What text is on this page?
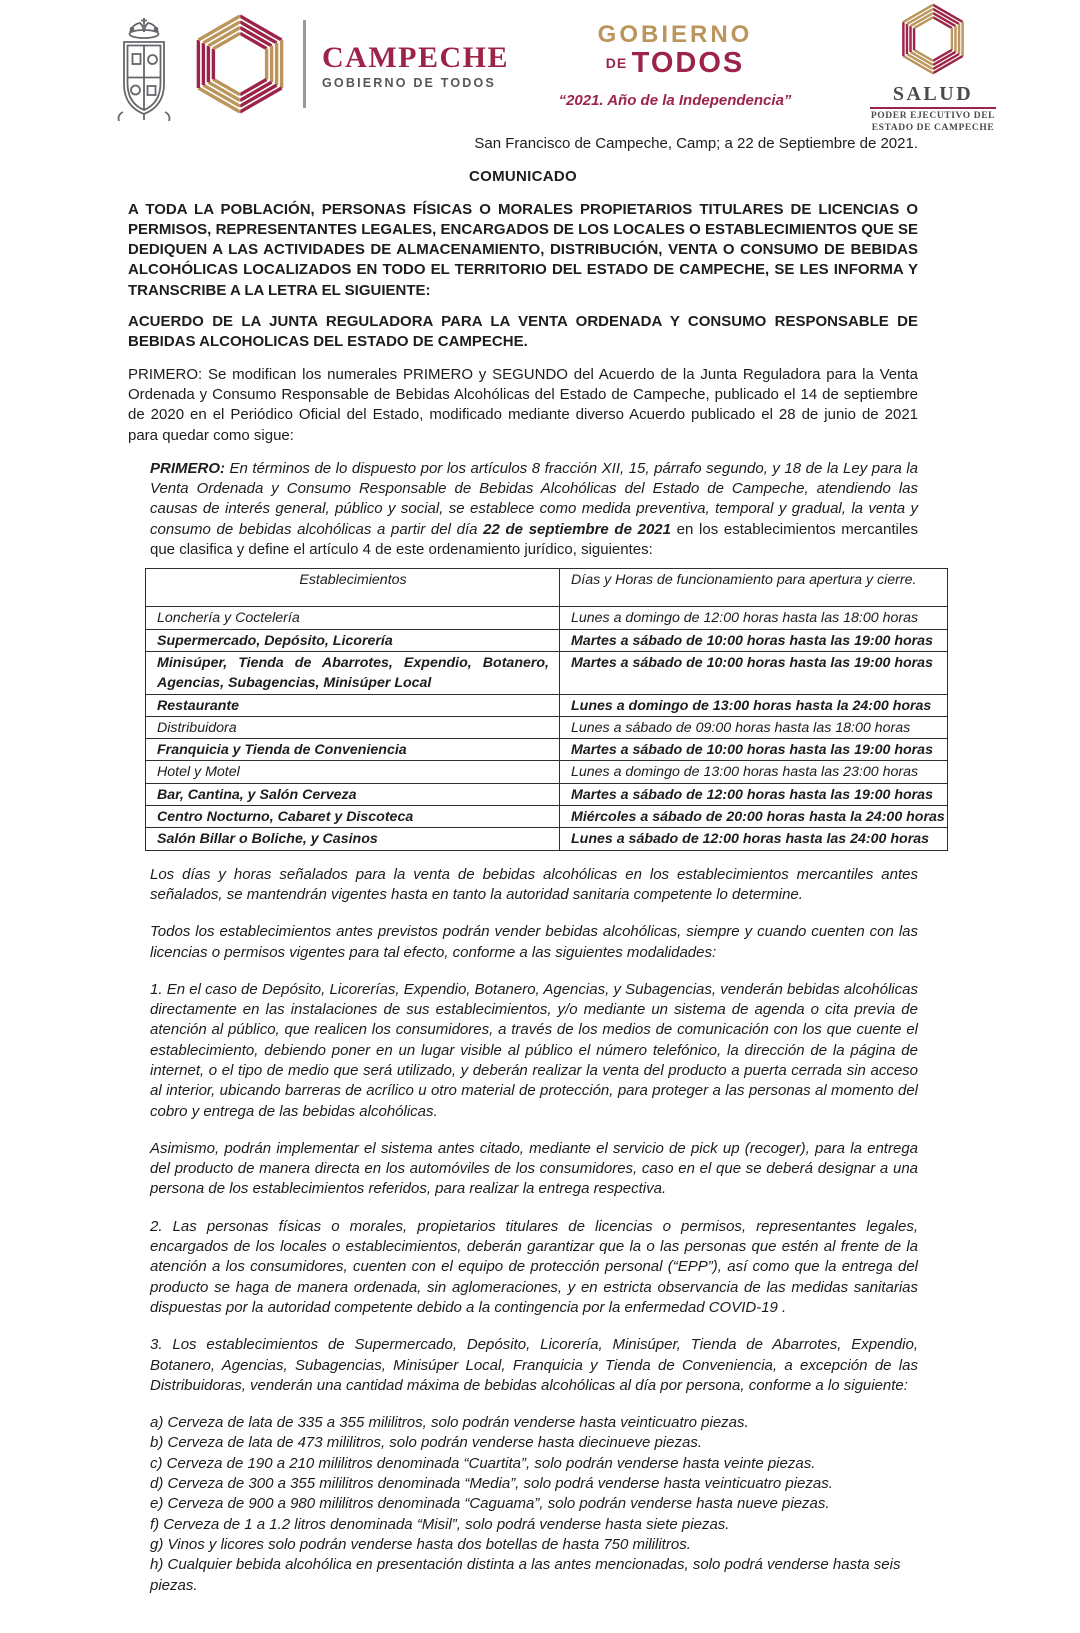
CAMPECHE
GOBIERNO DE TODOS
GOBIERNO
DE TODOS
“2021. Año de la Independencia”	SALUD
PODER EJECUTIVO DEL
ESTADO DE CAMPECHE
San Francisco de Campeche, Camp; a 22 de Septiembre de 2021.
COMUNICADO
A TODA LA POBLACIÓN, PERSONAS FÍSICAS O MORALES PROPIETARIOS TITULARES DE LICENCIAS O PERMISOS, REPRESENTANTES LEGALES, ENCARGADOS DE LOS LOCALES O ESTABLECIMIENTOS QUE SE DEDIQUEN A LAS ACTIVIDADES DE ALMACENAMIENTO, DISTRIBUCIÓN, VENTA O CONSUMO DE BEBIDAS ALCOHÓLICAS LOCALIZADOS EN TODO EL TERRITORIO DEL ESTADO DE CAMPECHE, SE LES INFORMA Y TRANSCRIBE A LA LETRA EL SIGUIENTE:
ACUERDO DE LA JUNTA REGULADORA PARA LA VENTA ORDENADA Y CONSUMO RESPONSABLE DE BEBIDAS ALCOHOLICAS DEL ESTADO DE CAMPECHE.
PRIMERO: Se modifican los numerales PRIMERO y SEGUNDO del Acuerdo de la Junta Reguladora para la Venta Ordenada y Consumo Responsable de Bebidas Alcohólicas del Estado de Campeche, publicado el 14 de septiembre de 2020 en el Periódico Oficial del Estado, modificado mediante diverso Acuerdo publicado el 28 de junio de 2021 para quedar como sigue:
PRIMERO: En términos de lo dispuesto por los artículos 8 fracción XII, 15, párrafo segundo, y 18 de la Ley para la Venta Ordenada y Consumo Responsable de Bebidas Alcohólicas del Estado de Campeche, atendiendo las causas de interés general, público y social, se establece como medida preventiva, temporal y gradual, la venta y consumo de bebidas alcohólicas a partir del día 22 de septiembre de 2021 en los establecimientos mercantiles que clasifica y define el artículo 4 de este ordenamiento jurídico, siguientes:
Establecimientos	Días y Horas de funcionamiento para apertura y cierre.
Lonchería y Coctelería	Lunes a domingo de 12:00 horas hasta las 18:00 horas
Supermercado, Depósito, Licorería	Martes a sábado de 10:00 horas hasta las 19:00 horas
Minisúper, Tienda de Abarrotes, Expendio, Botanero, Agencias, Subagencias, Minisúper Local	Martes a sábado de 10:00 horas hasta las 19:00 horas
Restaurante	Lunes a domingo de 13:00 horas hasta la 24:00 horas
Distribuidora	Lunes a sábado de 09:00 horas hasta las 18:00 horas
Franquicia y Tienda de Conveniencia	Martes a sábado de 10:00 horas hasta las 19:00 horas
Hotel y Motel	Lunes a domingo de 13:00 horas hasta las 23:00 horas
Bar, Cantina, y Salón Cerveza	Martes a sábado de 12:00 horas hasta las 19:00 horas
Centro Nocturno, Cabaret y Discoteca	Miércoles a sábado de 20:00 horas hasta la 24:00 horas
Salón Billar o Boliche, y Casinos	Lunes a sábado de 12:00 horas hasta las 24:00 horas
Los días y horas señalados para la venta de bebidas alcohólicas en los establecimientos mercantiles antes señalados, se mantendrán vigentes hasta en tanto la autoridad sanitaria competente lo determine.
Todos los establecimientos antes previstos podrán vender bebidas alcohólicas, siempre y cuando cuenten con las licencias o permisos vigentes para tal efecto, conforme a las siguientes modalidades:
1. En el caso de Depósito, Licorerías, Expendio, Botanero, Agencias, y Subagencias, venderán bebidas alcohólicas directamente en las instalaciones de sus establecimientos, y/o mediante un sistema de agenda o cita previa de atención al público, que realicen los consumidores, a través de los medios de comunicación con los que cuente el establecimiento, debiendo poner en un lugar visible al público el número telefónico, la dirección de la página de internet, o el tipo de medio que será utilizado, y deberán realizar la venta del producto a puerta cerrada sin acceso al interior, ubicando barreras de acrílico u otro material de protección, para proteger a las personas al momento del cobro y entrega de las bebidas alcohólicas.
Asimismo, podrán implementar el sistema antes citado, mediante el servicio de pick up (recoger), para la entrega del producto de manera directa en los automóviles de los consumidores, caso en el que se deberá designar a una persona de los establecimientos referidos, para realizar la entrega respectiva.
2. Las personas físicas o morales, propietarios titulares de licencias o permisos, representantes legales, encargados de los locales o establecimientos, deberán garantizar que la o las personas que estén al frente de la atención a los consumidores, cuenten con el equipo de protección personal (“EPP”), así como que la entrega del producto se haga de manera ordenada, sin aglomeraciones, y en estricta observancia de las medidas sanitarias dispuestas por la autoridad competente debido a la contingencia por la enfermedad COVID-19 .
3. Los establecimientos de Supermercado, Depósito, Licorería, Minisúper, Tienda de Abarrotes, Expendio, Botanero, Agencias, Subagencias, Minisúper Local, Franquicia y Tienda de Conveniencia, a excepción de las Distribuidoras, venderán una cantidad máxima de bebidas alcohólicas al día por persona, conforme a lo siguiente:
a) Cerveza de lata de 335 a 355 mililitros, solo podrán venderse hasta veinticuatro piezas.
b) Cerveza de lata de 473 mililitros, solo podrán venderse hasta diecinueve piezas.
c) Cerveza de 190 a 210 mililitros denominada “Cuartita”, solo podrán venderse hasta veinte piezas.
d) Cerveza de 300 a 355 mililitros denominada “Media”, solo podrá venderse hasta veinticuatro piezas.
e) Cerveza de 900 a 980 mililitros denominada “Caguama”, solo podrán venderse hasta nueve piezas.
f) Cerveza de 1 a 1.2 litros denominada “Misil”, solo podrá venderse hasta siete piezas.
g) Vinos y licores solo podrán venderse hasta dos botellas de hasta 750 mililitros.
h) Cualquier bebida alcohólica en presentación distinta a las antes mencionadas, solo podrá venderse hasta seis piezas.
